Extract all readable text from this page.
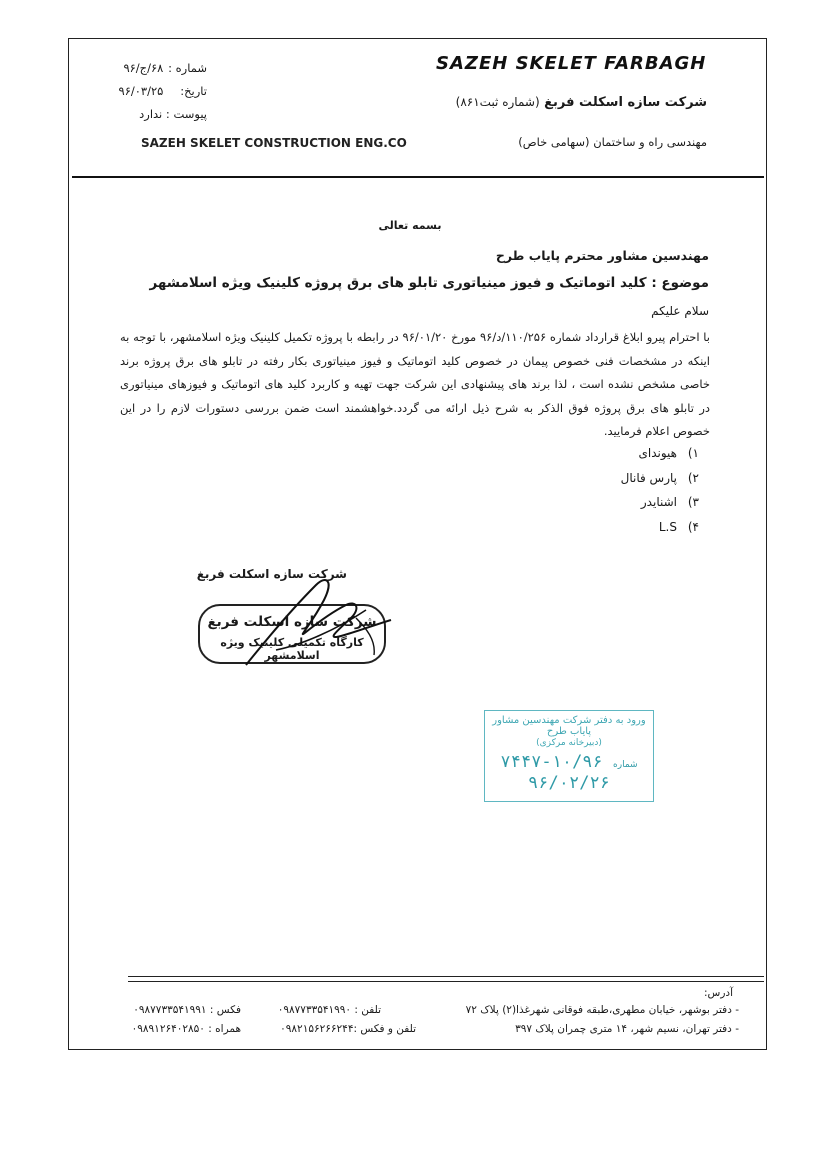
SAZEH SKELET FARBAGH
شرکت سازه اسکلت فربغ (شماره ثبت۸۶۱)
مهندسی راه و ساختمان (سهامی خاص)
SAZEH SKELET CONSTRUCTION ENG.CO
شماره : ۶۸/ج/۹۶
تاریخ: ۹۶/۰۳/۲۵
پیوست : ندارد
بسمه تعالی
مهندسین مشاور محترم پایاب طرح
موضوع : کلید اتوماتیک و فیوز مینیاتوری تابلو های برق پروژه کلینیک ویژه اسلامشهر
سلام علیکم
با احترام پیرو ابلاغ قرارداد شماره ۱۱۰/۲۵۶/د/۹۶ مورخ ۹۶/۰۱/۲۰ در رابطه با پروژه تکمیل کلینیک ویژه اسلامشهر، با توجه به اینکه در مشخصات فنی خصوص پیمان در خصوص کلید اتوماتیک و فیوز مینیاتوری بکار رفته در تابلو های برق پروژه برند خاصی مشخص نشده است ، لذا برند های پیشنهادی این شرکت جهت تهیه و کاربرد کلید های اتوماتیک و فیوزهای مینیاتوری در تابلو های برق پروژه فوق الذکر به شرح ذیل ارائه می گردد.خواهشمند است ضمن بررسی دستورات لازم را در این خصوص اعلام فرمایید.
۱)هیوندای
۲)پارس فانال
۳)اشنایدر
۴)L.S
شرکت سازه اسکلت فربغ
شرکت سازه اسکلت فربغ
کارگاه تکمیلی کلینیک ویژه اسلامشهر
ورود به دفتر شرکت مهندسین مشاور پایاب طرح
(دبیرخانه مرکزی)
شماره ۱۰/۹۶-۷۴۴۷
۹۶/۰۲/۲۶
آدرس:
- دفتر بوشهر، خیابان مطهری،طبقه فوقانی شهرغذا(۲) پلاک ۷۲
تلفن : ۰۹۸۷۷۳۳۵۴۱۹۹۰
فکس : ۰۹۸۷۷۳۳۵۴۱۹۹۱
- دفتر تهران، نسیم شهر، ۱۴ متری چمران پلاک ۳۹۷
تلفن و فکس :۰۹۸۲۱۵۶۲۶۶۲۴۴
همراه : ۰۹۸۹۱۲۶۴۰۲۸۵۰
